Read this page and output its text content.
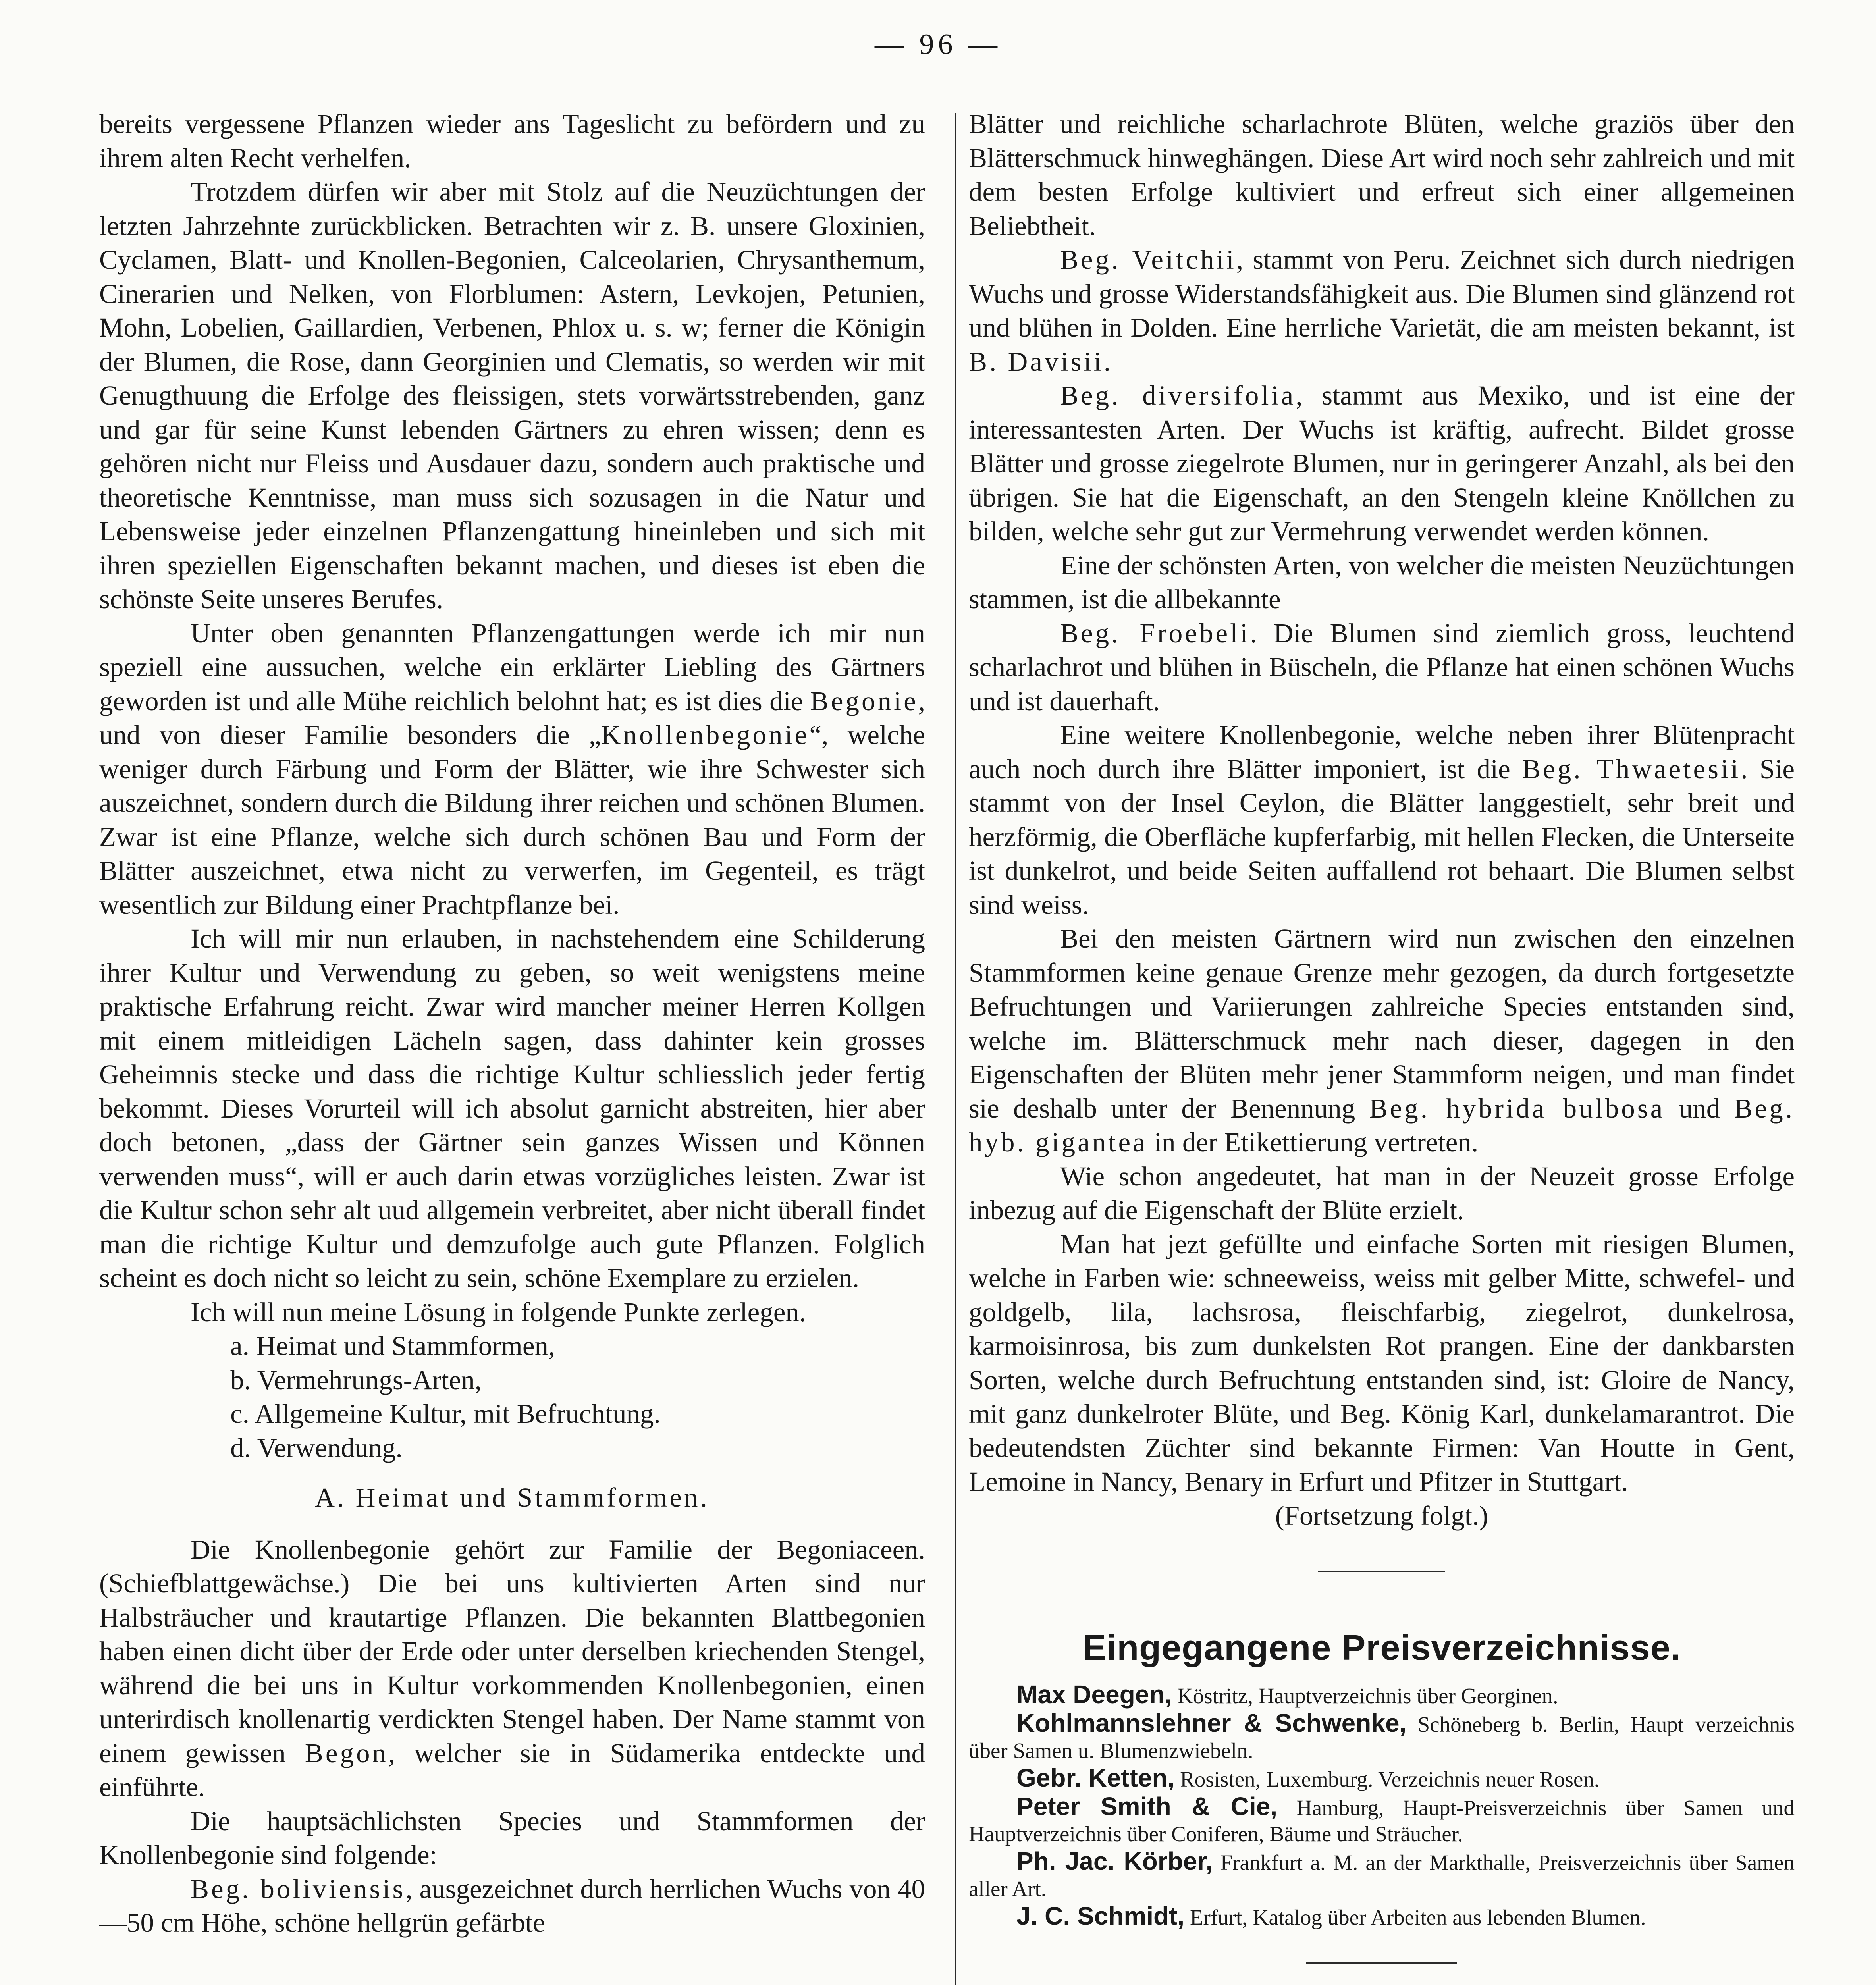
— 96 —

bereits vergessene Pflanzen wieder ans Tageslicht zu befördern und zu ihrem alten Recht verhelfen.

Trotzdem dürfen wir aber mit Stolz auf die Neuzüchtungen der letzten Jahrzehnte zurückblicken. Betrachten wir z. B. unsere Gloxinien, Cyclamen, Blatt- und Knollen-Begonien, Calceolarien, Chrysanthemum, Cinerarien und Nelken, von Florblumen: Astern, Levkojen, Petunien, Mohn, Lobelien, Gaillardien, Verbenen, Phlox u. s. w; ferner die Königin der Blumen, die Rose, dann Georginien und Clematis, so werden wir mit Genugthuung die Erfolge des fleissigen, stets vorwärtsstrebenden, ganz und gar für seine Kunst lebenden Gärtners zu ehren wissen; denn es gehören nicht nur Fleiss und Ausdauer dazu, sondern auch praktische und theoretische Kenntnisse, man muss sich sozusagen in die Natur und Lebensweise jeder einzelnen Pflanzengattung hineinleben und sich mit ihren speziellen Eigenschaften bekannt machen, und dieses ist eben die schönste Seite unseres Berufes.

Unter oben genannten Pflanzengattungen werde ich mir nun speziell eine aussuchen, welche ein erklärter Liebling des Gärtners geworden ist und alle Mühe reichlich belohnt hat; es ist dies die Begonie, und von dieser Familie besonders die „Knollenbegonie“, welche weniger durch Färbung und Form der Blätter, wie ihre Schwester sich auszeichnet, sondern durch die Bildung ihrer reichen und schönen Blumen. Zwar ist eine Pflanze, welche sich durch schönen Bau und Form der Blätter auszeichnet, etwa nicht zu verwerfen, im Gegenteil, es trägt wesentlich zur Bildung einer Prachtpflanze bei.

Ich will mir nun erlauben, in nachstehendem eine Schilderung ihrer Kultur und Verwendung zu geben, so weit wenigstens meine praktische Erfahrung reicht. Zwar wird mancher meiner Herren Kollgen mit einem mitleidigen Lächeln sagen, dass dahinter kein grosses Geheimnis stecke und dass die richtige Kultur schliesslich jeder fertig bekommt. Dieses Vorurteil will ich absolut garnicht abstreiten, hier aber doch betonen, „dass der Gärtner sein ganzes Wissen und Können verwenden muss“, will er auch darin etwas vorzügliches leisten. Zwar ist die Kultur schon sehr alt uud allgemein verbreitet, aber nicht überall findet man die richtige Kultur und demzufolge auch gute Pflanzen. Folglich scheint es doch nicht so leicht zu sein, schöne Exemplare zu erzielen.

Ich will nun meine Lösung in folgende Punkte zerlegen.

a. Heimat und Stammformen,
b. Vermehrungs-Arten,
c. Allgemeine Kultur, mit Befruchtung.
d. Verwendung.
A. Heimat und Stammformen.

Die Knollenbegonie gehört zur Familie der Begoniaceen. (Schiefblattgewächse.) Die bei uns kultivierten Arten sind nur Halbsträucher und krautartige Pflanzen. Die bekannten Blattbegonien haben einen dicht über der Erde oder unter derselben kriechenden Stengel, während die bei uns in Kultur vorkommenden Knollenbegonien, einen unterirdisch knollenartig verdickten Stengel haben. Der Name stammt von einem gewissen Begon, welcher sie in Südamerika entdeckte und einführte.

Die hauptsächlichsten Species und Stammformen der Knollenbegonie sind folgende:

Beg. boliviensis, ausgezeichnet durch herrlichen Wuchs von 40—50 cm Höhe, schöne hellgrün gefärbte

Blätter und reichliche scharlachrote Blüten, welche graziös über den Blätterschmuck hinweghängen. Diese Art wird noch sehr zahlreich und mit dem besten Erfolge kultiviert und erfreut sich einer allgemeinen Beliebtheit.

Beg. Veitchii, stammt von Peru. Zeichnet sich durch niedrigen Wuchs und grosse Widerstandsfähigkeit aus. Die Blumen sind glänzend rot und blühen in Dolden. Eine herrliche Varietät, die am meisten bekannt, ist B. Davisii.

Beg. diversifolia, stammt aus Mexiko, und ist eine der interessantesten Arten. Der Wuchs ist kräftig, aufrecht. Bildet grosse Blätter und grosse ziegelrote Blumen, nur in geringerer Anzahl, als bei den übrigen. Sie hat die Eigenschaft, an den Stengeln kleine Knöllchen zu bilden, welche sehr gut zur Vermehrung verwendet werden können.

Eine der schönsten Arten, von welcher die meisten Neuzüchtungen stammen, ist die allbekannte

Beg. Froebeli. Die Blumen sind ziemlich gross, leuchtend scharlachrot und blühen in Büscheln, die Pflanze hat einen schönen Wuchs und ist dauerhaft.

Eine weitere Knollenbegonie, welche neben ihrer Blütenpracht auch noch durch ihre Blätter imponiert, ist die Beg. Thwaetesii. Sie stammt von der Insel Ceylon, die Blätter langgestielt, sehr breit und herzförmig, die Oberfläche kupferfarbig, mit hellen Flecken, die Unterseite ist dunkelrot, und beide Seiten auffallend rot behaart. Die Blumen selbst sind weiss.

Bei den meisten Gärtnern wird nun zwischen den einzelnen Stammformen keine genaue Grenze mehr gezogen, da durch fortgesetzte Befruchtungen und Variierungen zahlreiche Species entstanden sind, welche im. Blätterschmuck mehr nach dieser, dagegen in den Eigenschaften der Blüten mehr jener Stammform neigen, und man findet sie deshalb unter der Benennung Beg. hybrida bulbosa und Beg. hyb. gigantea in der Etikettierung vertreten.

Wie schon angedeutet, hat man in der Neuzeit grosse Erfolge inbezug auf die Eigenschaft der Blüte erzielt.

Man hat jezt gefüllte und einfache Sorten mit riesigen Blumen, welche in Farben wie: schneeweiss, weiss mit gelber Mitte, schwefel- und goldgelb, lila, lachsrosa, fleischfarbig, ziegelrot, dunkelrosa, karmoisinrosa, bis zum dunkelsten Rot prangen. Eine der dankbarsten Sorten, welche durch Befruchtung entstanden sind, ist: Gloire de Nancy, mit ganz dunkelroter Blüte, und Beg. König Karl, dunkelamarantrot. Die bedeutendsten Züchter sind bekannte Firmen: Van Houtte in Gent, Lemoine in Nancy, Benary in Erfurt und Pfitzer in Stuttgart.

(Fortsetzung folgt.)

Eingegangene Preisverzeichnisse.

Max Deegen, Köstritz, Hauptverzeichnis über Georginen.

Kohlmannslehner & Schwenke, Schöneberg b. Berlin, Haupt verzeichnis über Samen u. Blumenzwiebeln.

Gebr. Ketten, Rosisten, Luxemburg. Verzeichnis neuer Rosen.

Peter Smith & Cie, Hamburg, Haupt-Preisverzeichnis über Samen und Hauptverzeichnis über Coniferen, Bäume und Sträucher.

Ph. Jac. Körber, Frankfurt a. M. an der Markthalle, Preisverzeichnis über Samen aller Art.

J. C. Schmidt, Erfurt, Katalog über Arbeiten aus lebenden Blumen.
